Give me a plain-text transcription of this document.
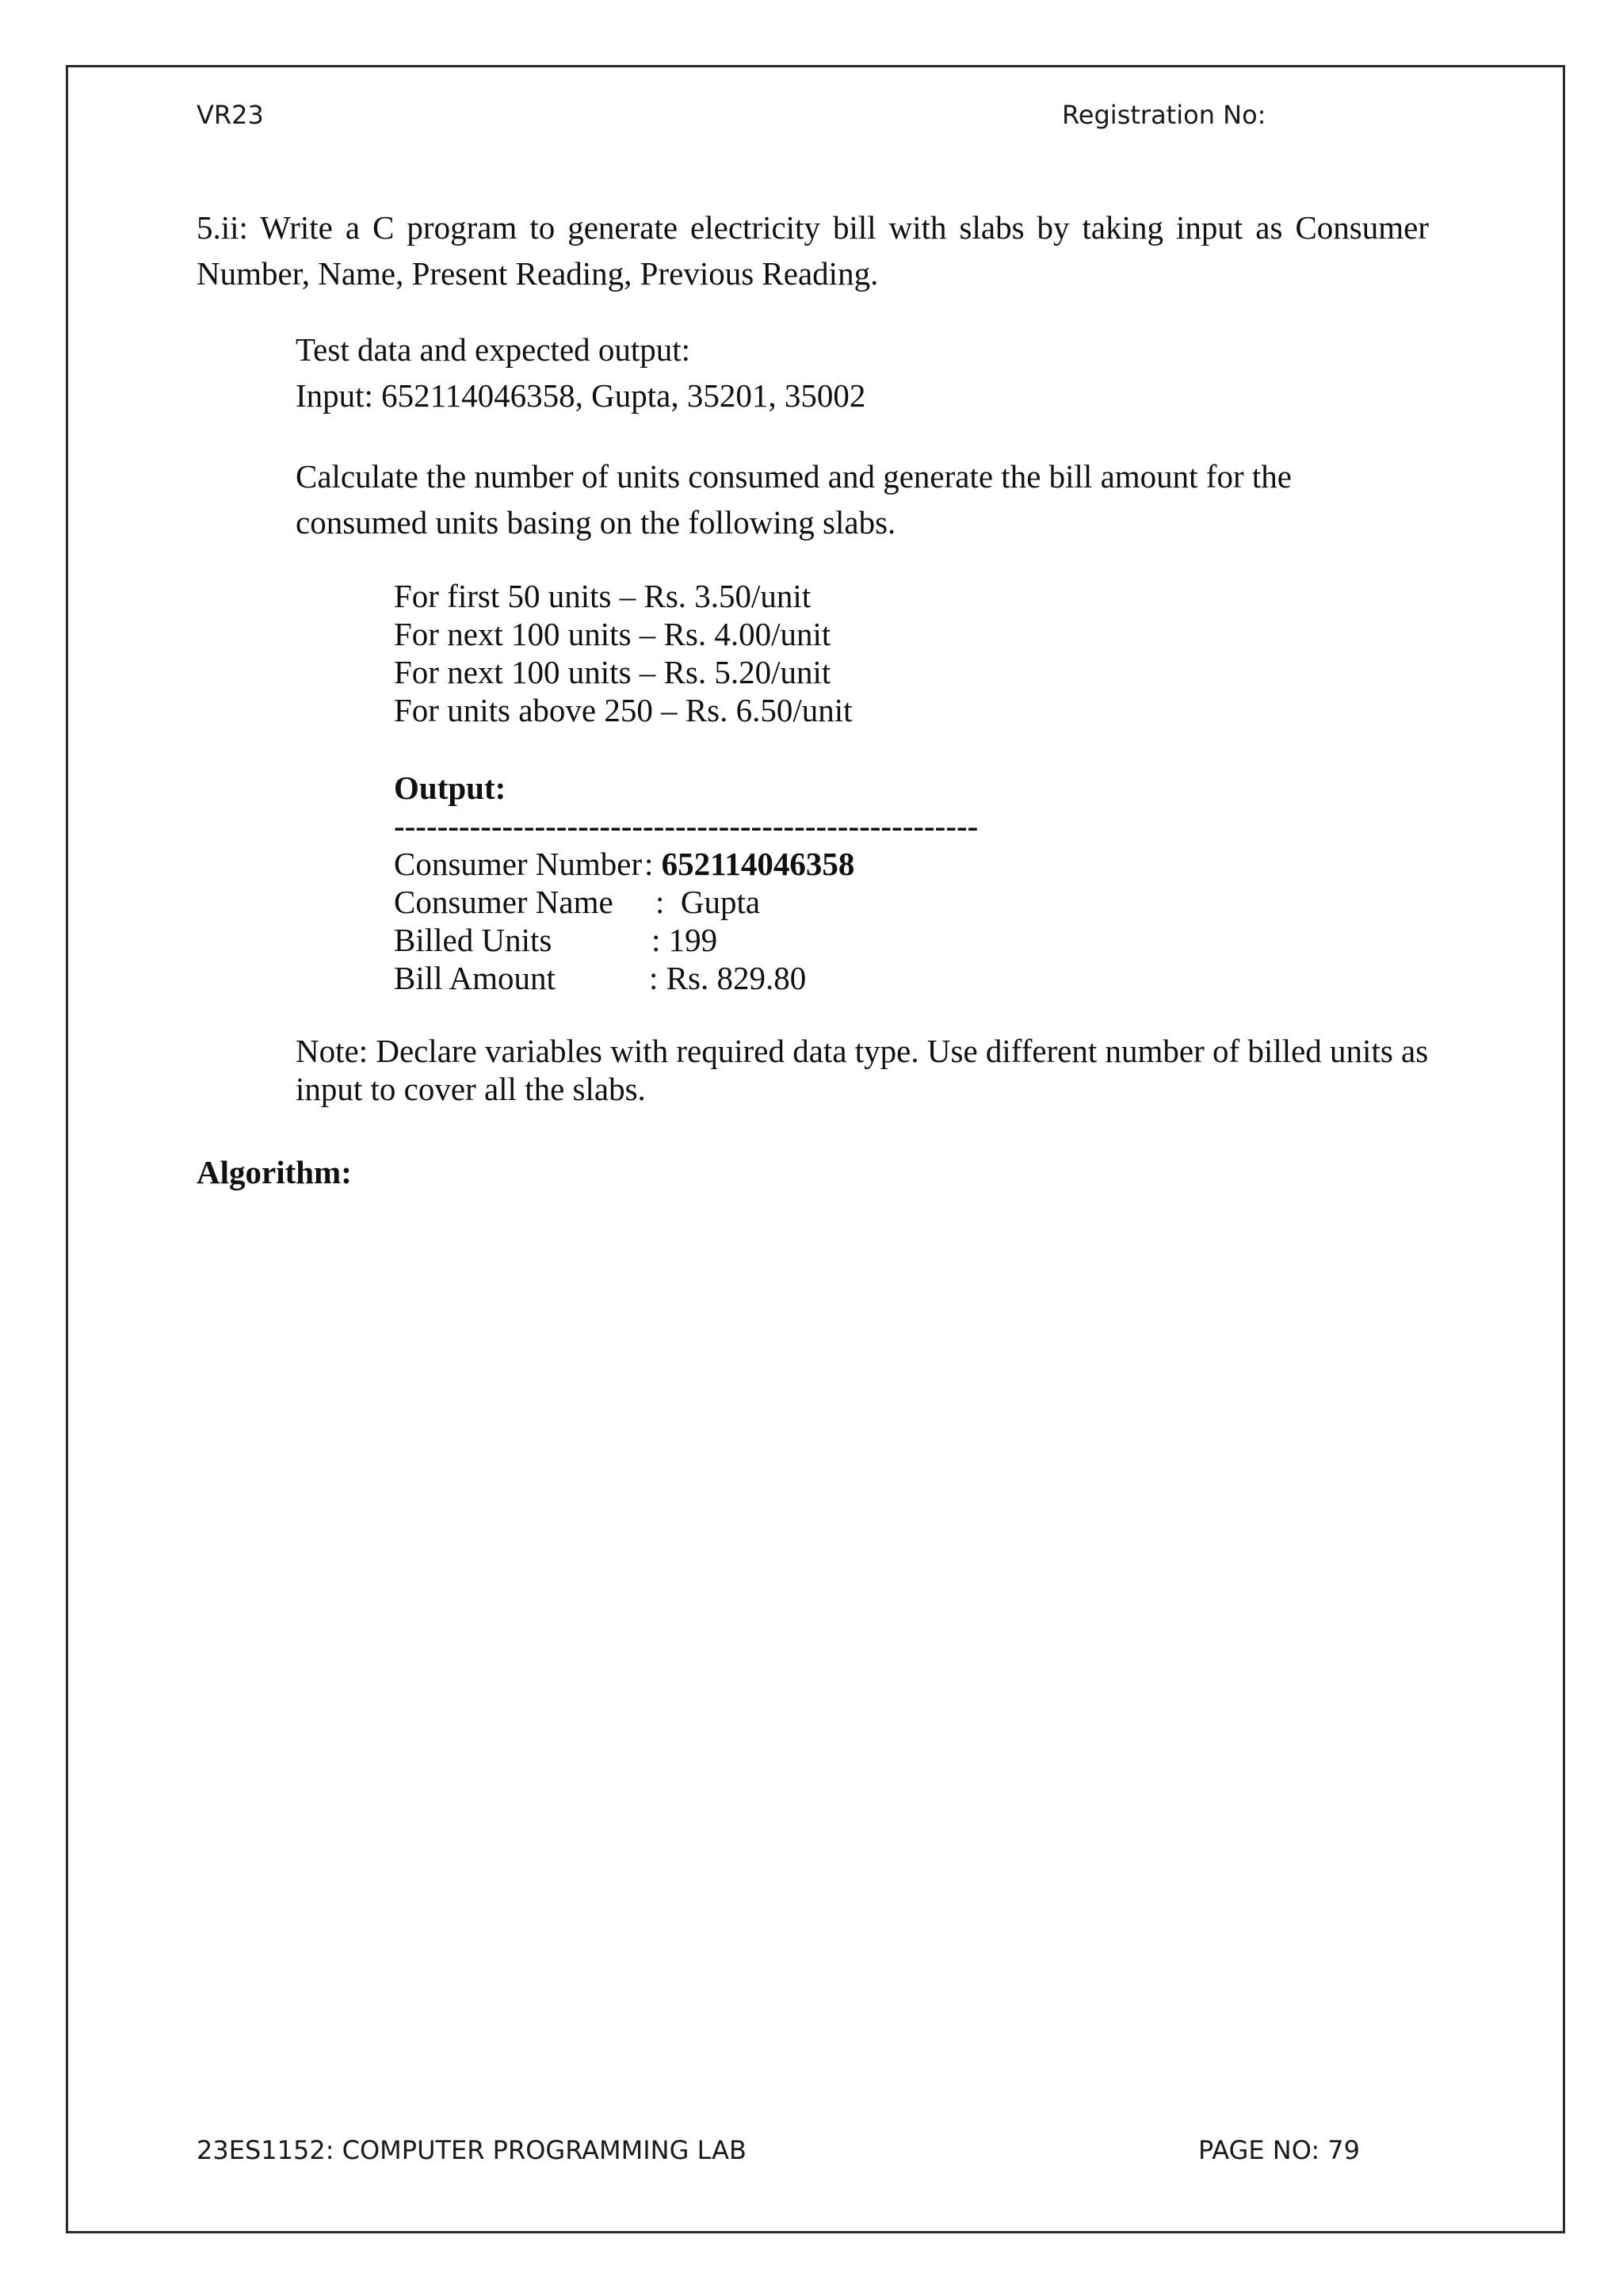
VR23	Registration No:
5.ii: Write a C program to generate electricity bill with slabs by taking input as Consumer Number, Name, Present Reading, Previous Reading.
Test data and expected output:
Input: 652114046358, Gupta, 35201, 35002
Calculate the number of units consumed and generate the bill amount for the consumed units basing on the following slabs.
For first 50 units – Rs. 3.50/unit
For next 100 units – Rs. 4.00/unit
For next 100 units – Rs. 5.20/unit
For units above 250 – Rs. 6.50/unit
Output:
------------------------------------------------------
Consumer Number : 652114046358
Consumer Name : Gupta
Billed Units	: 199
Bill Amount	: Rs. 829.80
Note: Declare variables with required data type. Use different number of billed units as input to cover all the slabs.
Algorithm:
23ES1152: COMPUTER PROGRAMMING LAB	PAGE NO: 79
